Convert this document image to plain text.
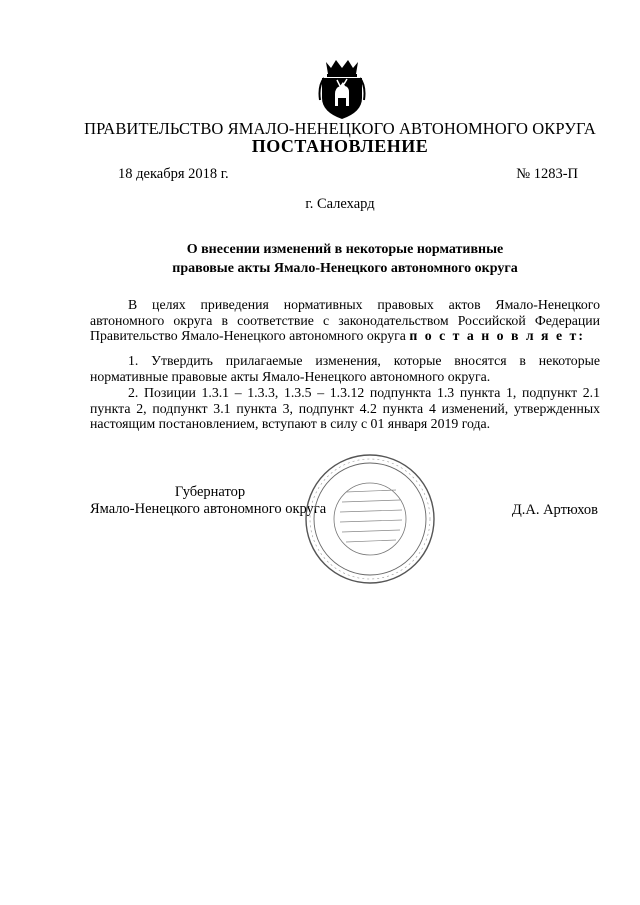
ПРАВИТЕЛЬСТВО ЯМАЛО-НЕНЕЦКОГО АВТОНОМНОГО ОКРУГА
ПОСТАНОВЛЕНИЕ
18 декабря 2018 г.	№ 1283-П
г. Салехард
О внесении изменений в некоторые нормативные
правовые акты Ямало-Ненецкого автономного округа
В целях приведения нормативных правовых актов Ямало-Ненецкого автономного округа в соответствие с законодательством Российской Федерации Правительство Ямало-Ненецкого автономного округа п о с т а н о в л я е т:
1. Утвердить прилагаемые изменения, которые вносятся в некоторые нормативные правовые акты Ямало-Ненецкого автономного округа.
2. Позиции 1.3.1 – 1.3.3, 1.3.5 – 1.3.12 подпункта 1.3 пункта 1, подпункт 2.1 пункта 2, подпункт 3.1 пункта 3, подпункт 4.2 пункта 4 изменений, утвержденных настоящим постановлением, вступают в силу с 01 января 2019 года.
Губернатор
Ямало-Ненецкого автономного округа	Д.А. Артюхов
